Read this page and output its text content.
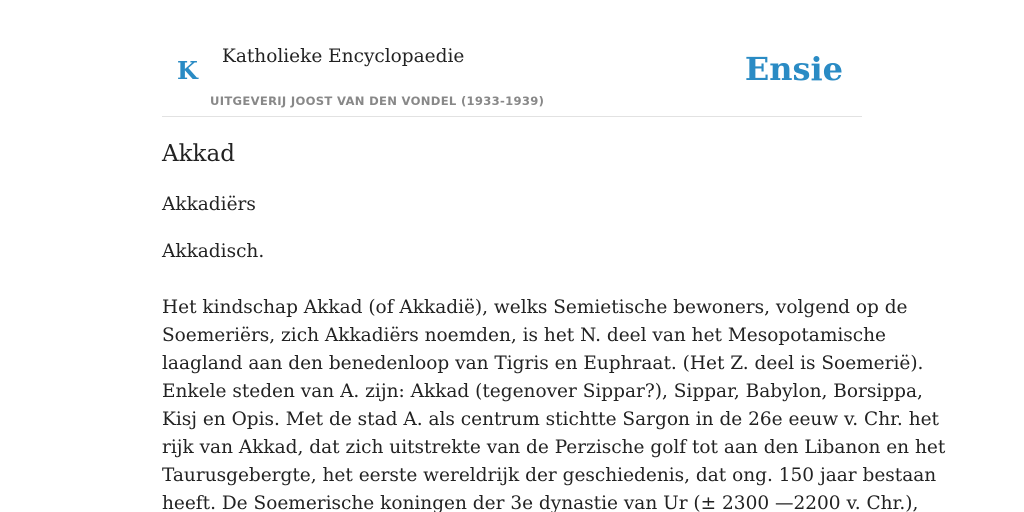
K Katholieke Encyclopaedie
UITGEVERIJ JOOST VAN DEN VONDEL (1933-1939)
Ensie
Akkad

Akkadiërs

Akkadisch.

Het kindschap Akkad (of Akkadië), welks Semietische bewoners, volgend op de
Soemeriërs, zich Akkadiërs noemden, is het N. deel van het Mesopotamische
laagland aan den benedenloop van Tigris en Euphraat. (Het Z. deel is Soemerië).
Enkele steden van A. zijn: Akkad (tegenover Sippar?), Sippar, Babylon, Borsippa,
Kisj en Opis. Met de stad A. als centrum stichtte Sargon in de 26e eeuw v. Chr. het
rijk van Akkad, dat zich uitstrekte van de Perzische golf tot aan den Libanon en het
Taurusgebergte, het eerste wereldrijk der geschiedenis, dat ong. 150 jaar bestaan
heeft. De Soemerische koningen der 3e dynastie van Ur (± 2300 —2200 v. Chr.),
